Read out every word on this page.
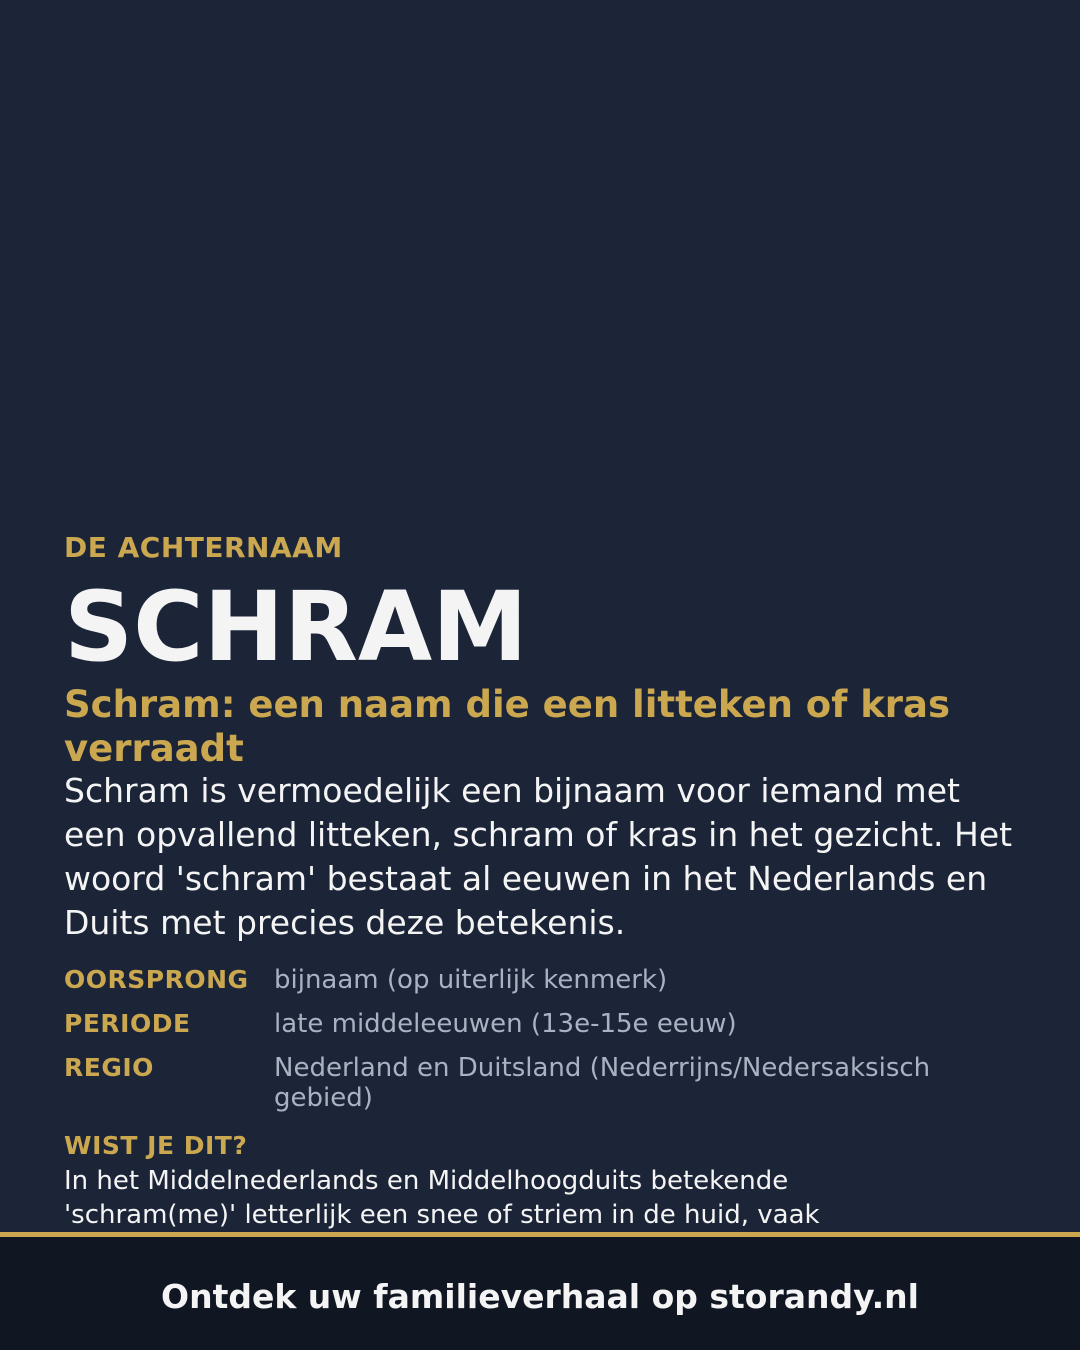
DE ACHTERNAAM

SCHRAM
Schram: een naam die een litteken of kras verraadt

Schram is vermoedelijk een bijnaam voor iemand met een opvallend litteken, schram of kras in het gezicht. Het woord 'schram' bestaat al eeuwen in het Nederlands en Duits met precies deze betekenis.

OORSPRONG bijnaam (op uiterlijk kenmerk)
PERIODE	late middeleeuwen (13e-15e eeuw)
REGIO	Nederland en Duitsland (Nederrijns/Nedersaksisch gebied)

WIST JE DIT?

In het Middelnederlands en Middelhoogduits betekende 'schram(me)' letterlijk een snee of striem in de huid, vaak

Ontdek uw familieverhaal op storandy.nl
